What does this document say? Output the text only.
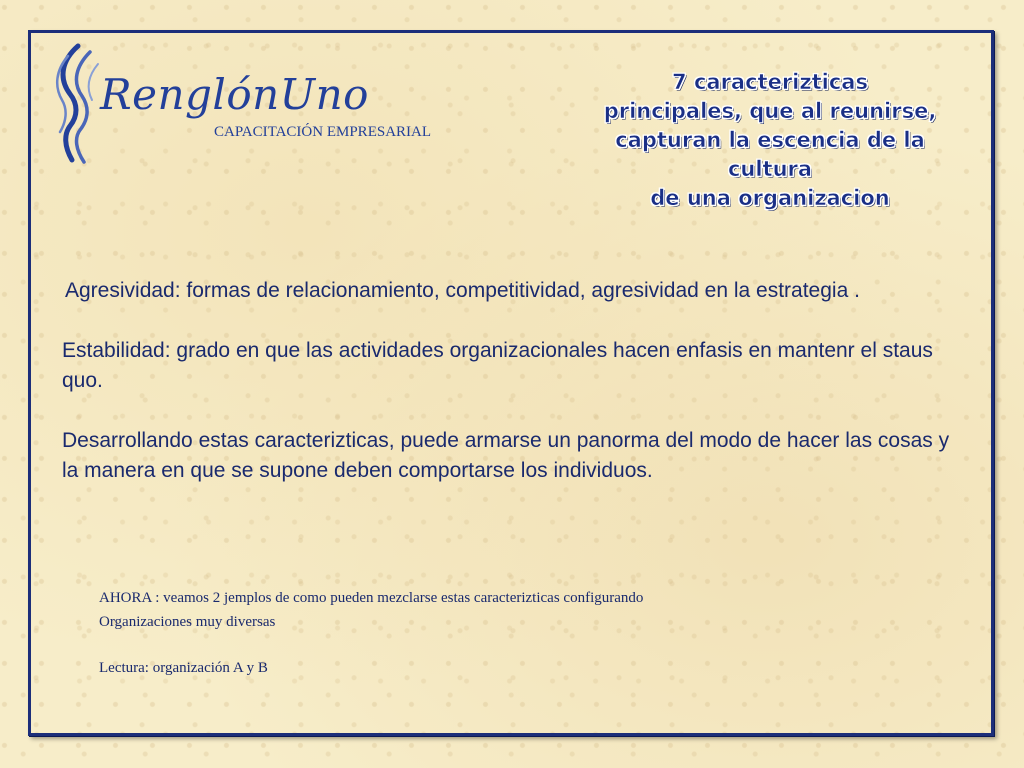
RenglónUno
CAPACITACIÓN EMPRESARIAL
7 caracterizticas
principales, que al reunirse,
capturan la escencia de la
cultura
de una organizacion

Agresividad: formas de relacionamiento, competitividad, agresividad en la estrategia .

Estabilidad: grado en que las actividades organizacionales hacen enfasis en mantenr el staus quo.

Desarrollando estas caracterizticas, puede armarse un panorma del modo de hacer las cosas y la manera en que se supone deben comportarse los individuos.

AHORA : veamos 2 jemplos de como pueden mezclarse estas caracterizticas configurando
Organizaciones muy diversas
Lectura: organización A y B
